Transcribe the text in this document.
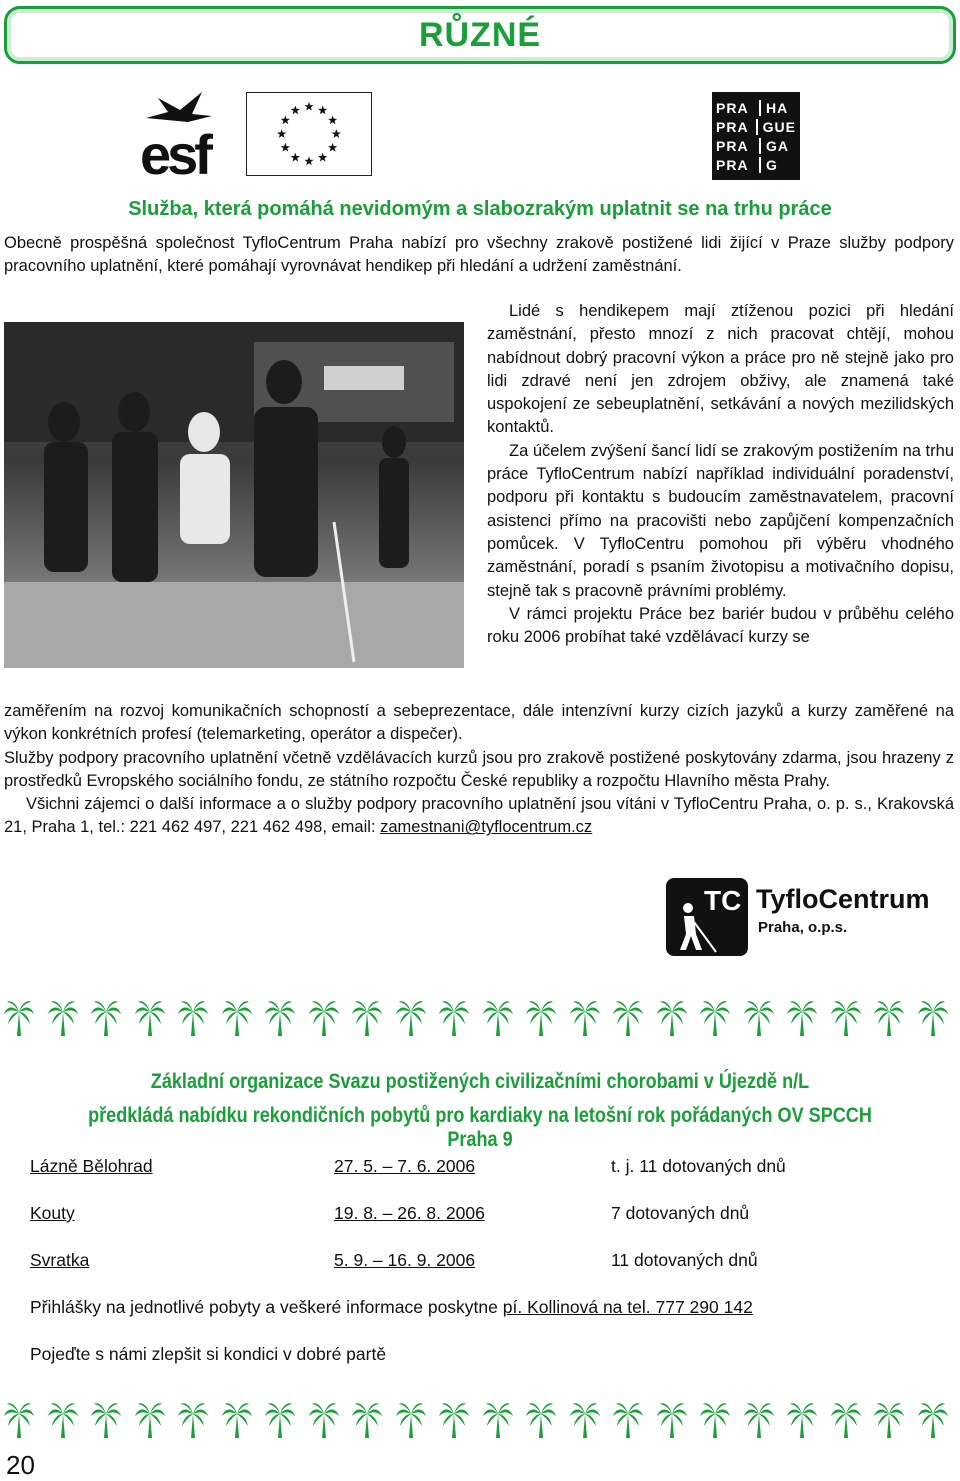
RŮZNÉ
esf
PRA	HA
PRA	GUE
PRA	GA
PRA	G
Služba, která pomáhá nevidomým a slabozrakým uplatnit se na trhu práce
Obecně prospěšná společnost TyfloCentrum Praha nabízí pro všechny zrakově postižené lidi žijící v Praze služby podpory pracovního uplatnění, které pomáhají vyrovnávat hendikep při hledání a udržení zaměstnání.

Lidé s hendikepem mají ztíženou pozici při hledání zaměstnání, přesto mnozí z nich pracovat chtějí, mohou nabídnout dobrý pracovní výkon a práce pro ně stejně jako pro lidi zdravé není jen zdrojem obživy, ale znamená také uspokojení ze sebeuplatnění, setkávání a nových mezilidských kontaktů.

Za účelem zvýšení šancí lidí se zrakovým postižením na trhu práce TyfloCentrum nabízí například individuální poradenství, podporu při kontaktu s budoucím zaměstnavatelem, pracovní asistenci přímo na pracovišti nebo zapůjčení kompenzačních pomůcek. V TyfloCentru pomohou při výběru vhodného zaměstnání, poradí s psaním životopisu a motivačního dopisu, stejně tak s pracovně právními problémy.

V rámci projektu Práce bez bariér budou v průběhu celého roku 2006 probíhat také vzdělávací kurzy se

zaměřením na rozvoj komunikačních schopností a sebeprezentace, dále intenzívní kurzy cizích jazyků a kurzy zaměřené na výkon konkrétních profesí (telemarketing, operátor a dispečer).

Služby podpory pracovního uplatnění včetně vzdělávacích kurzů jsou pro zrakově postižené poskytovány zdarma, jsou hrazeny z prostředků Evropského sociálního fondu, ze státního rozpočtu České republiky a rozpočtu Hlavního města Prahy.

Všichni zájemci o další informace a o služby podpory pracovního uplatnění jsou vítáni v TyfloCentru Praha, o. p. s., Krakovská 21, Praha 1, tel.: 221 462 497, 221 462 498, email: zamestnani@tyflocentrum.cz

TC TyfloCentrum
Praha, o.p.s.
Základní organizace Svazu postižených civilizačními chorobami v Újezdě n/L
předkládá nabídku rekondičních pobytů pro kardiaky na letošní rok pořádaných OV SPCCH Praha 9
Lázně Bělohrad	27. 5. – 7. 6. 2006	t. j. 11 dotovaných dnů
Kouty	19. 8. – 26. 8. 2006	7 dotovaných dnů
Svratka	5. 9. – 16. 9. 2006	11 dotovaných dnů
Přihlášky na jednotlivé pobyty a veškeré informace poskytne pí. Kollinová na tel. 777 290 142
Pojeďte s námi zlepšit si kondici v dobré partě
20
